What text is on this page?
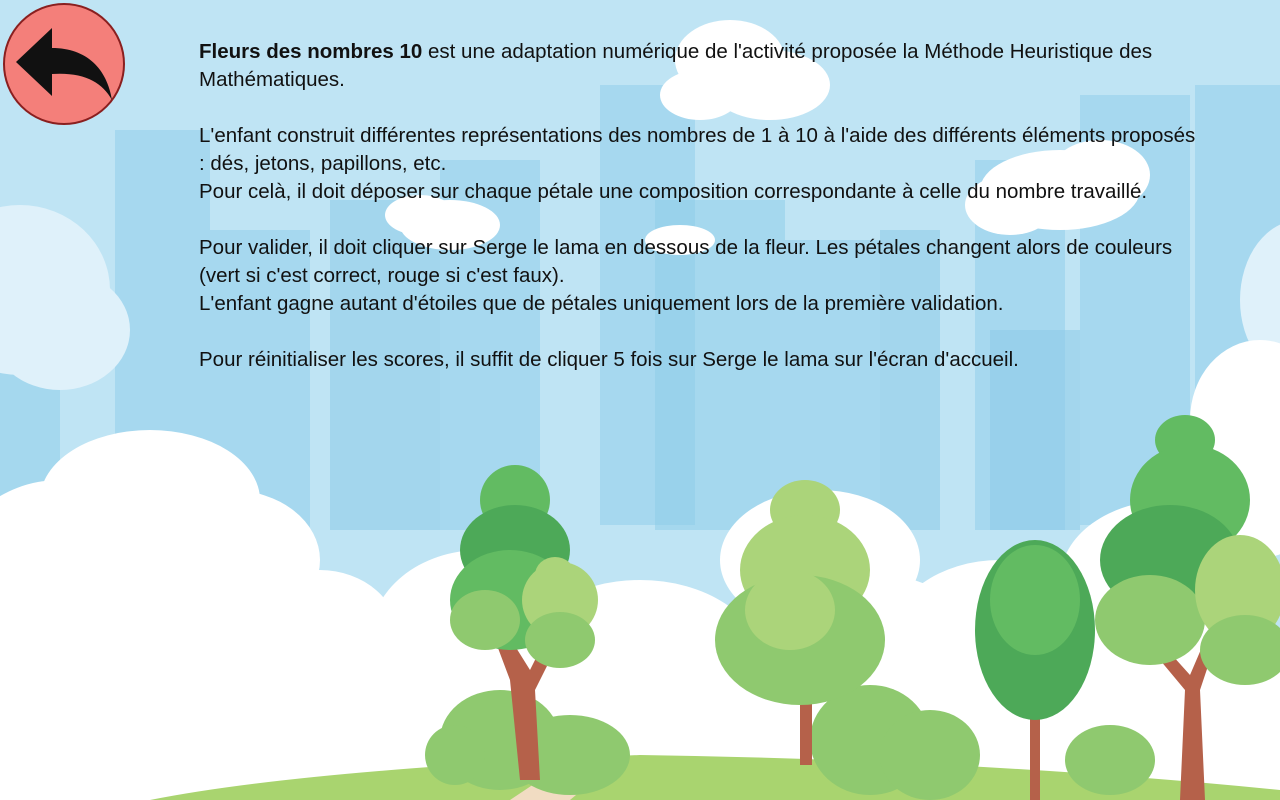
Fleurs des nombres 10 est une adaptation numérique de l'activité proposée la Méthode Heuristique des Mathématiques.

L'enfant construit différentes représentations des nombres de 1 à 10 à l'aide des différents éléments proposés : dés, jetons, papillons, etc.
Pour celà, il doit déposer sur chaque pétale une composition correspondante à celle du nombre travaillé.

Pour valider, il doit cliquer sur Serge le lama en dessous de la fleur. Les pétales changent alors de couleurs (vert si c'est correct, rouge si c'est faux).
L'enfant gagne autant d'étoiles que de pétales uniquement lors de la première validation.

Pour réinitialiser les scores, il suffit de cliquer 5 fois sur Serge le lama sur l'écran d'accueil.
